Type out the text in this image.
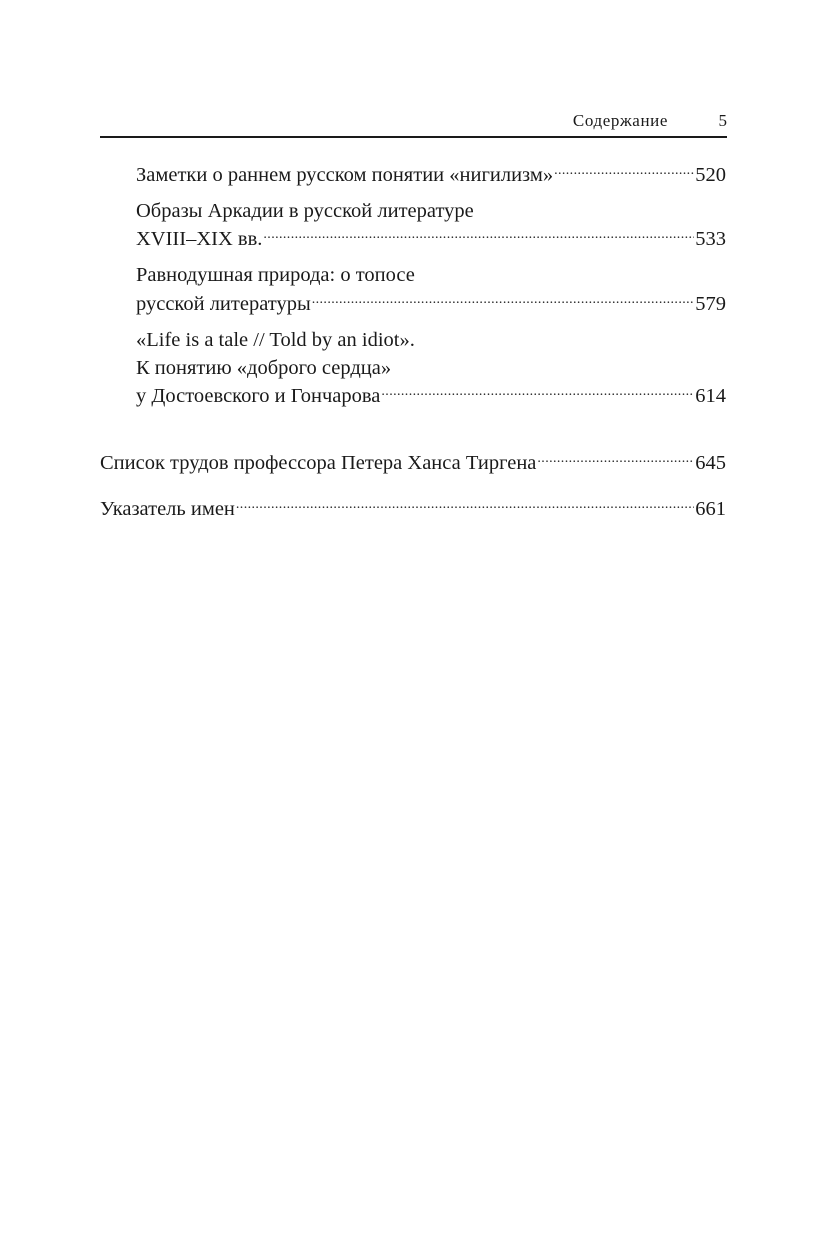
Содержание	5
Заметки о раннем русском понятии «нигилизм» .....	520
Образы Аркадии в русской литературе
XVIII–XIX вв. .....	533
Равнодушная природа: о топосе
русской литературы .....	579
«Life is a tale // Told by an idiot».
К понятию «доброго сердца»
у Достоевского и Гончарова .....	614
Список трудов профессора Петера Ханса Тиргена .....	645
Указатель имен .....	661
